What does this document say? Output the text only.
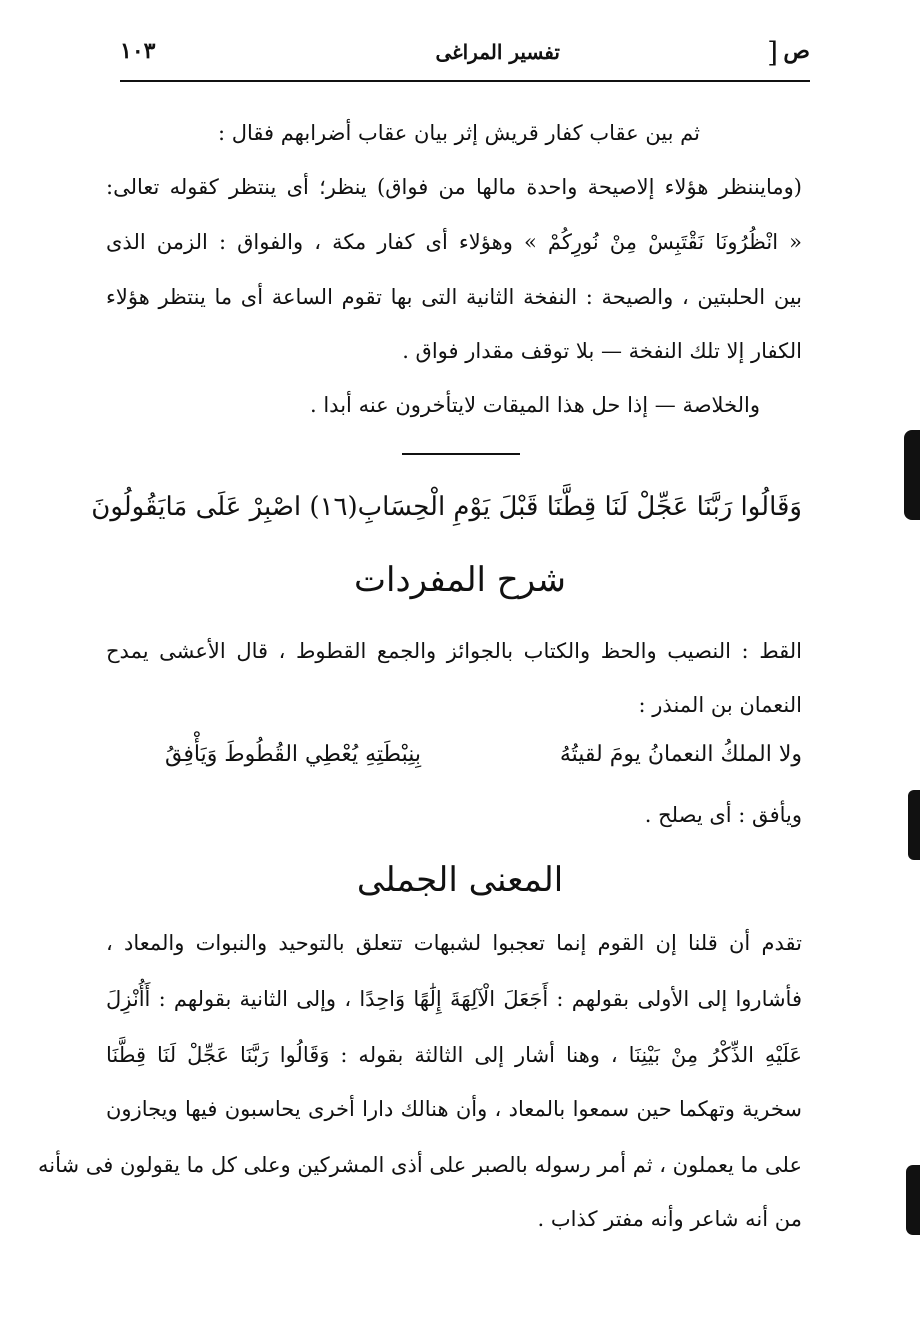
ص
[
تفسير المراغى
١٠٣
ثم بين عقاب كفار قريش إثر بيان عقاب أضرابهم فقال :
(ومايننظر هؤلاء إلاصيحة واحدة مالها من فواق) ينظر؛ أى ينتظر كقوله تعالى:
« انْظُرُونَا نَقْتَبِسْ مِنْ نُورِكُمْ » وهؤلاء أى كفار مكة ، والفواق : الزمن الذى
بين الحلبتين ، والصيحة : النفخة الثانية التى بها تقوم الساعة أى ما ينتظر هؤلاء
الكفار إلا تلك النفخة — بلا توقف مقدار فواق .
والخلاصة — إذا حل هذا الميقات لايتأخرون عنه أبدا .
وَقَالُوا رَبَّنَا عَجِّلْ لَنَا قِطَّنَا قَبْلَ يَوْمِ الْحِسَابِ(١٦) اصْبِرْ عَلَى مَايَقُولُونَ
شرح المفردات
القط : النصيب والحظ والكتاب بالجوائز والجمع القطوط ، قال الأعشى يمدح
النعمان بن المنذر :
ولا الملكُ النعمانُ يومَ لقيتُهُ
بِنِبْطَتِهِ يُعْطِي القُطُوطَ وَيَأْفِقُ
ويأفق : أى يصلح .
المعنى الجملى
تقدم أن قلنا إن القوم إنما تعجبوا لشبهات تتعلق بالتوحيد والنبوات والمعاد ،
فأشاروا إلى الأولى بقولهم : أَجَعَلَ الْآلِهَةَ إِلَٰهًا وَاحِدًا ، وإلى الثانية بقولهم : أَأُنْزِلَ
عَلَيْهِ الذِّكْرُ مِنْ بَيْنِنَا ، وهنا أشار إلى الثالثة بقوله : وَقَالُوا رَبَّنَا عَجِّلْ لَنَا قِطَّنَا
سخرية وتهكما حين سمعوا بالمعاد ، وأن هنالك دارا أخرى يحاسبون فيها ويجازون
على ما يعملون ، ثم أمر رسوله بالصبر على أذى المشركين وعلى كل ما يقولون فى شأنه
من أنه شاعر وأنه مفتر كذاب .
